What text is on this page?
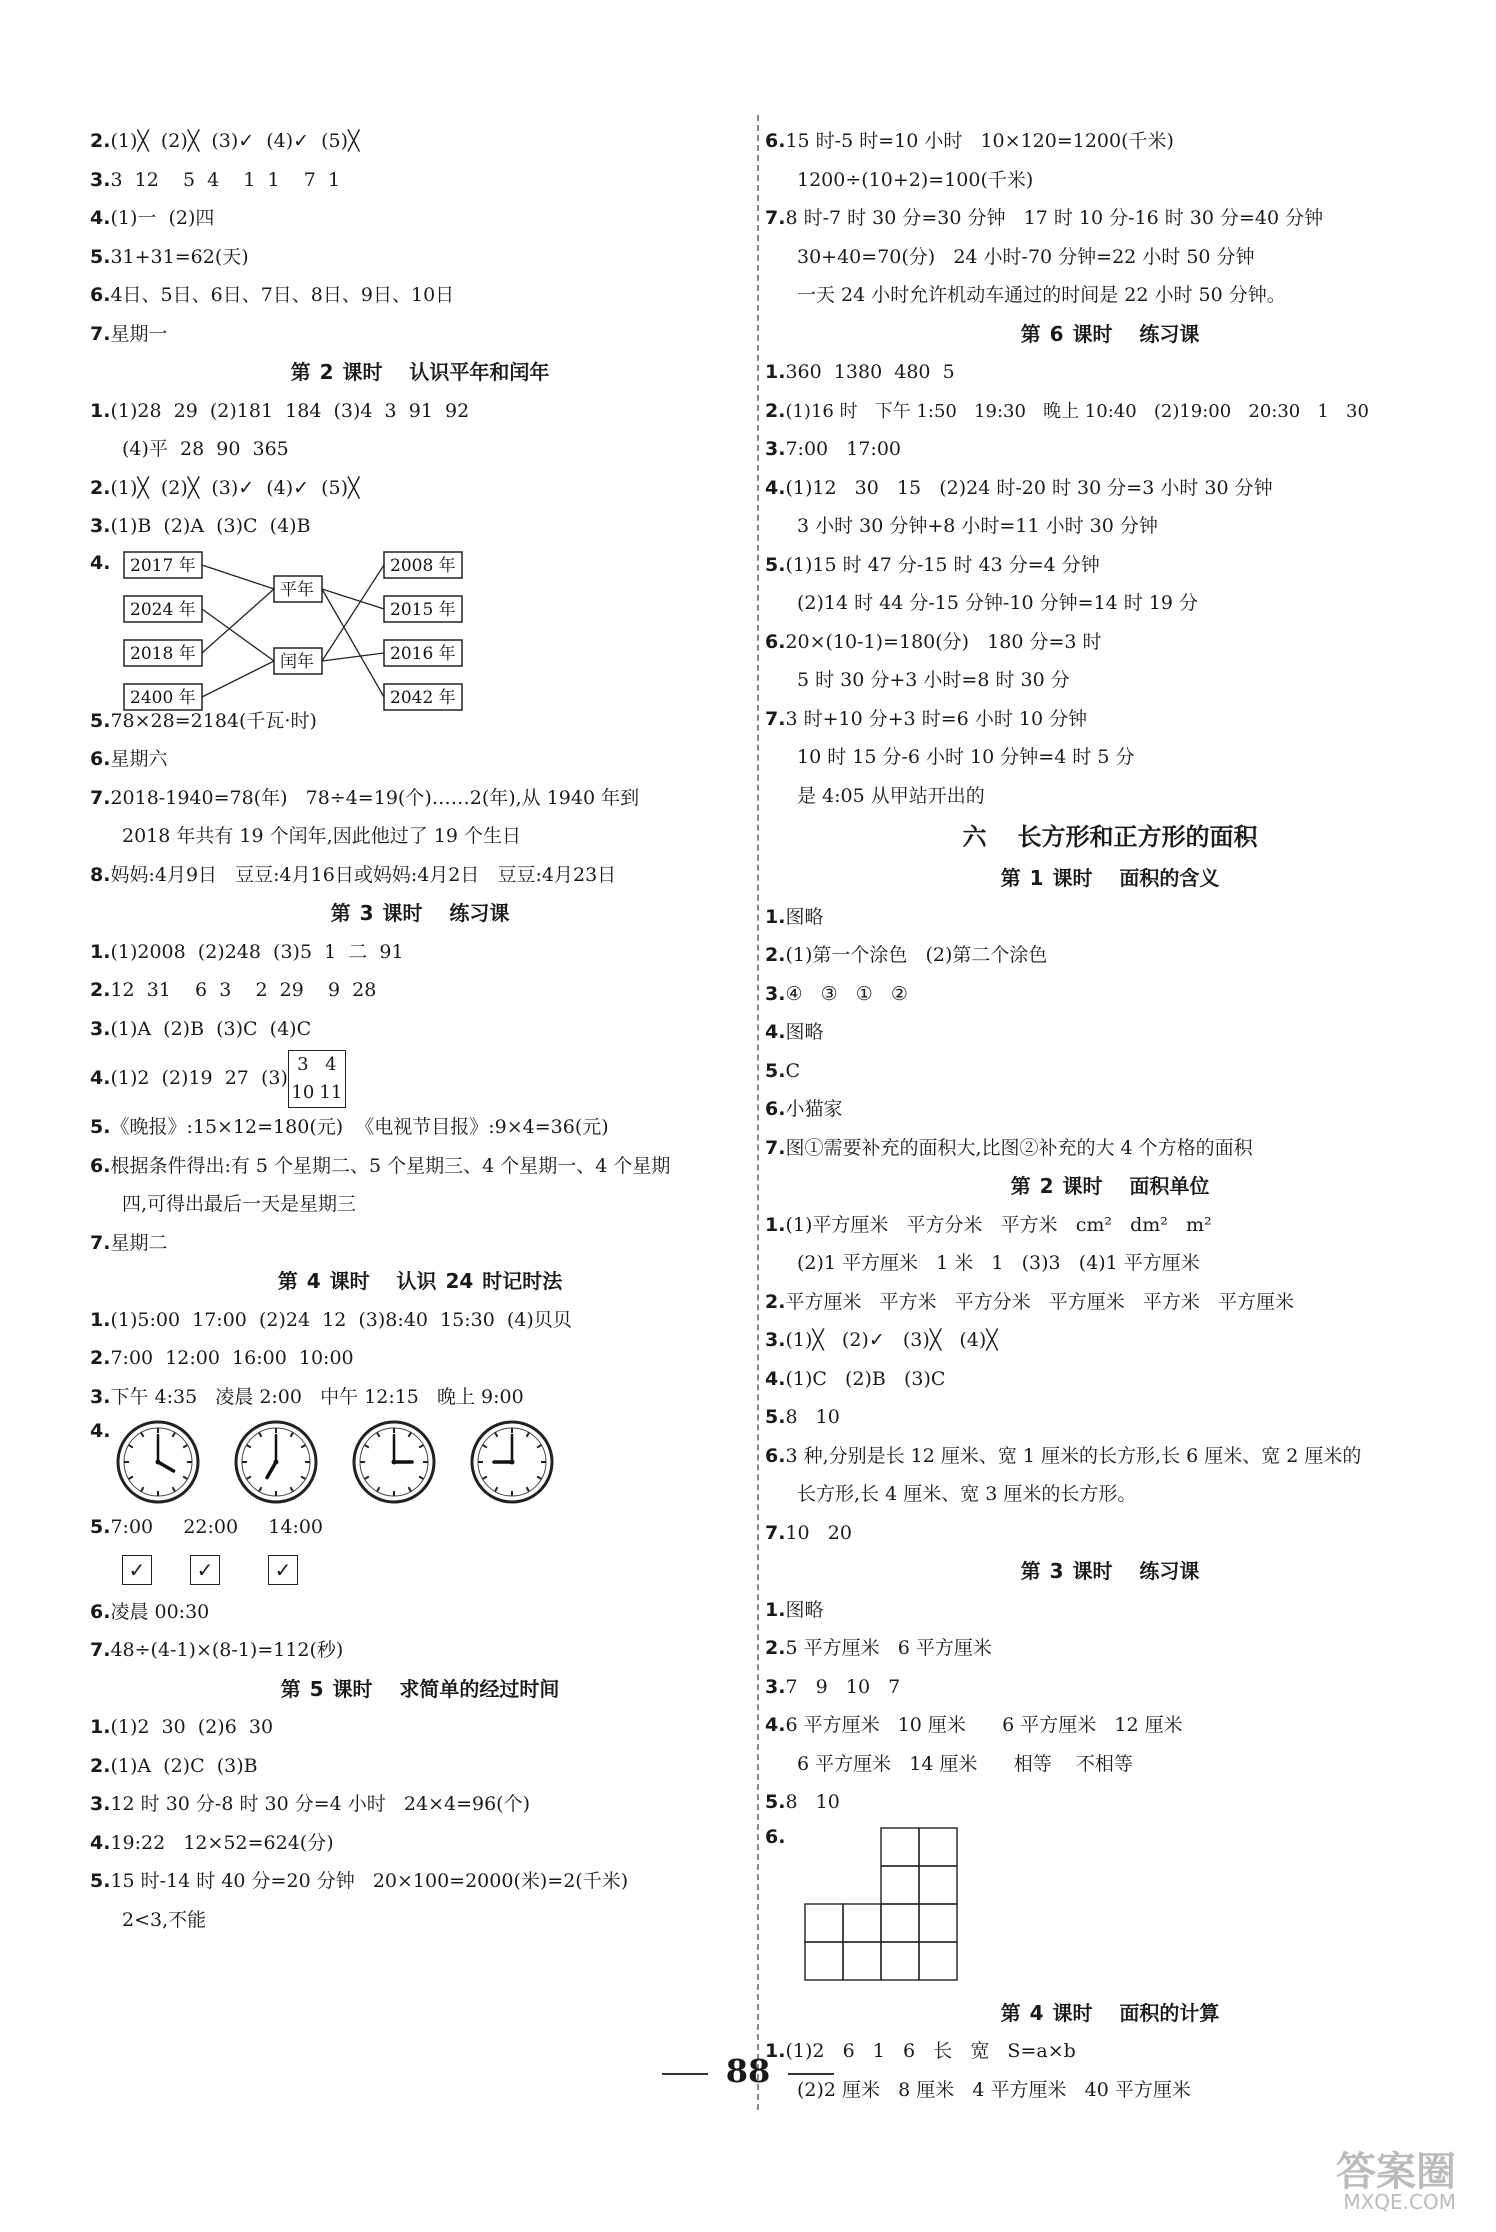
2.(1)╳  (2)╳  (3)✓  (4)✓  (5)╳
3.3  12    5  4    1  1    7  1
4.(1)一  (2)四
5.31+31=62(天)
6.4日、5日、6日、7日、8日、9日、10日
7.星期一
第 2 课时   认识平年和闰年
1.(1)28  29  (2)181  184  (3)4  3  91  92
(4)平  28  90  365
2.(1)╳  (2)╳  (3)✓  (4)✓  (5)╳
3.(1)B  (2)A  (3)C  (4)B
4. 2017 年
2024 年
2018 年
2400 年
2008 年
2015 年
2016 年
2042 年
平年
闰年
5.78×28=2184(千瓦·时)
6.星期六
7.2018-1940=78(年)   78÷4=19(个)……2(年),从 1940 年到
2018 年共有 19 个闰年,因此他过了 19 个生日
8.妈妈:4月9日   豆豆:4月16日或妈妈:4月2日   豆豆:4月23日
第 3 课时   练习课
1.(1)2008  (2)248  (3)5  1  二  91
2.12  31    6  3    2  29    9  28
3.(1)A  (2)B  (3)C  (4)C
4.(1)2  (2)19  27  (3)3 4
10 11
5.《晚报》:15×12=180(元)  《电视节目报》:9×4=36(元)
6.根据条件得出:有 5 个星期二、5 个星期三、4 个星期一、4 个星期
四,可得出最后一天是星期三
7.星期二
第 4 课时   认识 24 时记时法
1.(1)5:00  17:00  (2)24  12  (3)8:40  15:30  (4)贝贝
2.7:00  12:00  16:00  10:00
3.下午 4:35   凌晨 2:00   中午 12:15   晚上 9:00
4.
5.7:00     22:00     14:00
✓	✓	✓
6.凌晨 00:30
7.48÷(4-1)×(8-1)=112(秒)
第 5 课时   求简单的经过时间
1.(1)2  30  (2)6  30
2.(1)A  (2)C  (3)B
3.12 时 30 分-8 时 30 分=4 小时   24×4=96(个)
4.19:22   12×52=624(分)
5.15 时-14 时 40 分=20 分钟   20×100=2000(米)=2(千米)
2<3,不能
6.15 时-5 时=10 小时   10×120=1200(千米)
1200÷(10+2)=100(千米)
7.8 时-7 时 30 分=30 分钟   17 时 10 分-16 时 30 分=40 分钟
30+40=70(分)   24 小时-70 分钟=22 小时 50 分钟
一天 24 小时允许机动车通过的时间是 22 小时 50 分钟。
第 6 课时   练习课
1.360  1380  480  5
2.(1)16 时   下午 1:50   19:30   晚上 10:40   (2)19:00   20:30   1   30
3.7:00   17:00
4.(1)12   30   15   (2)24 时-20 时 30 分=3 小时 30 分钟
3 小时 30 分钟+8 小时=11 小时 30 分钟
5.(1)15 时 47 分-15 时 43 分=4 分钟
(2)14 时 44 分-15 分钟-10 分钟=14 时 19 分
6.20×(10-1)=180(分)   180 分=3 时
5 时 30 分+3 小时=8 时 30 分
7.3 时+10 分+3 时=6 小时 10 分钟
10 时 15 分-6 小时 10 分钟=4 时 5 分
是 4:05 从甲站开出的
六   长方形和正方形的面积
第 1 课时   面积的含义
1.图略
2.(1)第一个涂色   (2)第二个涂色
3.④   ③   ①   ②
4.图略
5.C
6.小猫家
7.图①需要补充的面积大,比图②补充的大 4 个方格的面积
第 2 课时   面积单位
1.(1)平方厘米   平方分米   平方米   cm²   dm²   m²
(2)1 平方厘米   1 米   1   (3)3   (4)1 平方厘米
2.平方厘米   平方米   平方分米   平方厘米   平方米   平方厘米
3.(1)╳   (2)✓   (3)╳   (4)╳
4.(1)C   (2)B   (3)C
5.8   10
6.3 种,分别是长 12 厘米、宽 1 厘米的长方形,长 6 厘米、宽 2 厘米的
长方形,长 4 厘米、宽 3 厘米的长方形。
7.10   20
第 3 课时   练习课
1.图略
2.5 平方厘米   6 平方厘米
3.7   9   10   7
4.6 平方厘米   10 厘米      6 平方厘米   12 厘米
6 平方厘米   14 厘米      相等    不相等
5.8   10
6.
第 4 课时   面积的计算
1.(1)2   6   1   6   长   宽   S=a×b
(2)2 厘米   8 厘米   4 平方厘米   40 平方厘米
88
答案圈
MXQE.COM
